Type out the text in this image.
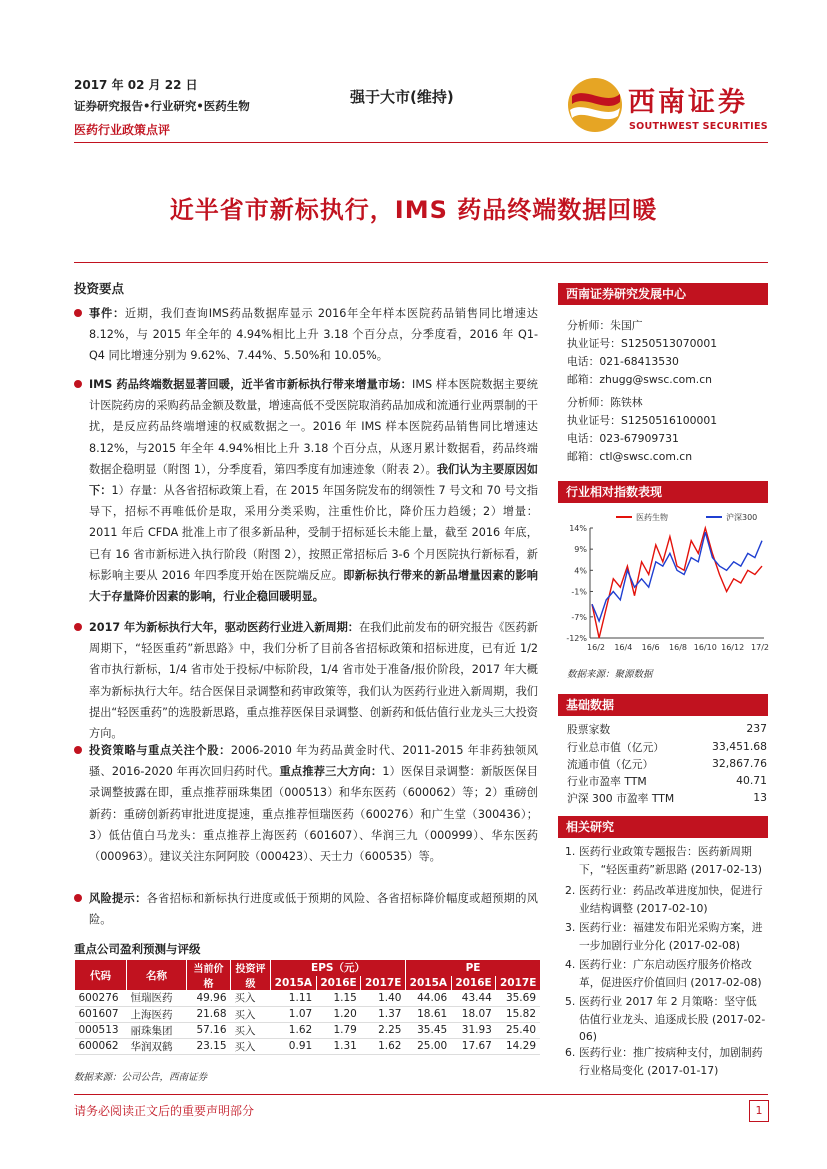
2017 年 02 月 22 日
证券研究报告•行业研究•医药生物
医药行业政策点评
强于大市(维持)	西南证券
SOUTHWEST SECURITIES
近半省市新标执行，IMS 药品终端数据回暖
投资要点
事件：近期，我们查询IMS药品数据库显示 2016年全年样本医院药品销售同比增速达 8.12%，与 2015 年全年的 4.94%相比上升 3.18 个百分点，分季度看，2016 年 Q1-Q4 同比增速分别为 9.62%、7.44%、5.50%和 10.05%。
IMS 药品终端数据显著回暖，近半省市新标执行带来增量市场：IMS 样本医院数据主要统计医院药房的采购药品金额及数量，增速高低不受医院取消药品加成和流通行业两票制的干扰，是反应药品终端增速的权威数据之一。2016 年 IMS 样本医院药品销售同比增速达 8.12%，与2015 年全年 4.94%相比上升 3.18 个百分点，从逐月累计数据看，药品终端数据企稳明显（附图 1），分季度看，第四季度有加速迹象（附表 2）。我们认为主要原因如下：1）存量：从各省招标政策上看，在 2015 年国务院发布的纲领性 7 号文和 70 号文指导下，招标不再唯低价是取，采用分类采购，注重性价比，降价压力趋缓；2）增量：2011 年后 CFDA 批准上市了很多新品种，受制于招标延长未能上量，截至 2016 年底，已有 16 省市新标进入执行阶段（附图 2），按照正常招标后 3-6 个月医院执行新标看，新标影响主要从 2016 年四季度开始在医院端反应。即新标执行带来的新品增量因素的影响大于存量降价因素的影响，行业企稳回暖明显。
2017 年为新标执行大年，驱动医药行业进入新周期：在我们此前发布的研究报告《医药新周期下，“轻医重药”新思路》中，我们分析了目前各省招标政策和招标进度，已有近 1/2 省市执行新标，1/4 省市处于投标/中标阶段，1/4 省市处于准备/报价阶段，2017 年大概率为新标执行大年。结合医保目录调整和药审政策等，我们认为医药行业进入新周期，我们提出“轻医重药”的选股新思路，重点推荐医保目录调整、创新药和低估值行业龙头三大投资方向。
投资策略与重点关注个股：2006-2010 年为药品黄金时代、2011-2015 年非药独领风骚、2016-2020 年再次回归药时代。重点推荐三大方向：1）医保目录调整：新版医保目录调整披露在即，重点推荐丽珠集团（000513）和华东医药（600062）等；2）重磅创新药：重磅创新药审批进度提速，重点推荐恒瑞医药（600276）和广生堂（300436）；3）低估值白马龙头：重点推荐上海医药（601607）、华润三九（000999）、华东医药（000963）。建议关注东阿阿胶（000423）、天士力（600535）等。
风险提示：各省招标和新标执行进度或低于预期的风险、各省招标降价幅度或超预期的风险。
重点公司盈利预测与评级
代码	名称	当前价格	投资评级	EPS（元）			PE		
				2015A	2016E	2017E	2015A	2016E	2017E
600276	恒瑞医药	49.96	买入	1.11	1.15	1.40	44.06	43.44	35.69
601607	上海医药	21.68	买入	1.07	1.20	1.37	18.61	18.07	15.82
000513	丽珠集团	57.16	买入	1.62	1.79	2.25	35.45	31.93	25.40
600062	华润双鹤	23.15	买入	0.91	1.31	1.62	25.00	17.67	14.29
数据来源：公司公告，西南证券
西南证券研究发展中心
分析师：朱国广
执业证号：S1250513070001
电话：021-68413530
邮箱：zhugg@swsc.com.cn
分析师：陈铁林
执业证号：S1250516100001
电话：023-67909731
邮箱：ctl@swsc.com.cn
行业相对指数表现
14%
9%
4%
-1%
-7%
-12%
16/2 16/4 16/6 16/8 16/10 16/12 17/2
医药生物	沪深300
数据来源：聚源数据
基础数据
股票家数	237
行业总市值（亿元）	33,451.68
流通市值（亿元）	32,867.76
行业市盈率 TTM	40.71
沪深 300 市盈率 TTM	13
相关研究
1. 医药行业政策专题报告：医药新周期下，“轻医重药”新思路 (2017-02-13)
2. 医药行业：药品改革进度加快，促进行业结构调整 (2017-02-10)
3. 医药行业：福建发布阳光采购方案，进一步加剧行业分化 (2017-02-08)
4. 医药行业：广东启动医疗服务价格改革，促进医疗价值回归 (2017-02-08)
5. 医药行业 2017 年 2 月策略：坚守低估值行业龙头、追逐成长股 (2017-02-06)
6. 医药行业：推广按病种支付，加剧制药行业格局变化 (2017-01-17)
请务必阅读正文后的重要声明部分	1
